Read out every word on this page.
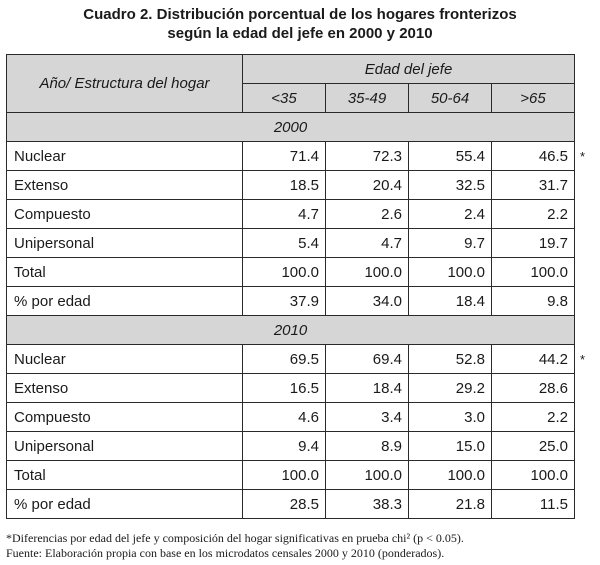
Cuadro 2. Distribución porcentual de los hogares fronterizos
según la edad del jefe en 2000 y 2010
Año/ Estructura del hogar	Edad del jefe			
	<35	35-49	50-64	>65
2000				
Nuclear	71.4	72.3	55.4	46.5
Extenso	18.5	20.4	32.5	31.7
Compuesto	4.7	2.6	2.4	2.2
Unipersonal	5.4	4.7	9.7	19.7
Total	100.0	100.0	100.0	100.0
% por edad	37.9	34.0	18.4	9.8
2010				
Nuclear	69.5	69.4	52.8	44.2
Extenso	16.5	18.4	29.2	28.6
Compuesto	4.6	3.4	3.0	2.2
Unipersonal	9.4	8.9	15.0	25.0
Total	100.0	100.0	100.0	100.0
% por edad	28.5	38.3	21.8	11.5
*
*
*Diferencias por edad del jefe y composición del hogar significativas en prueba chi² (p < 0.05).
Fuente: Elaboración propia con base en los microdatos censales 2000 y 2010 (ponderados).
